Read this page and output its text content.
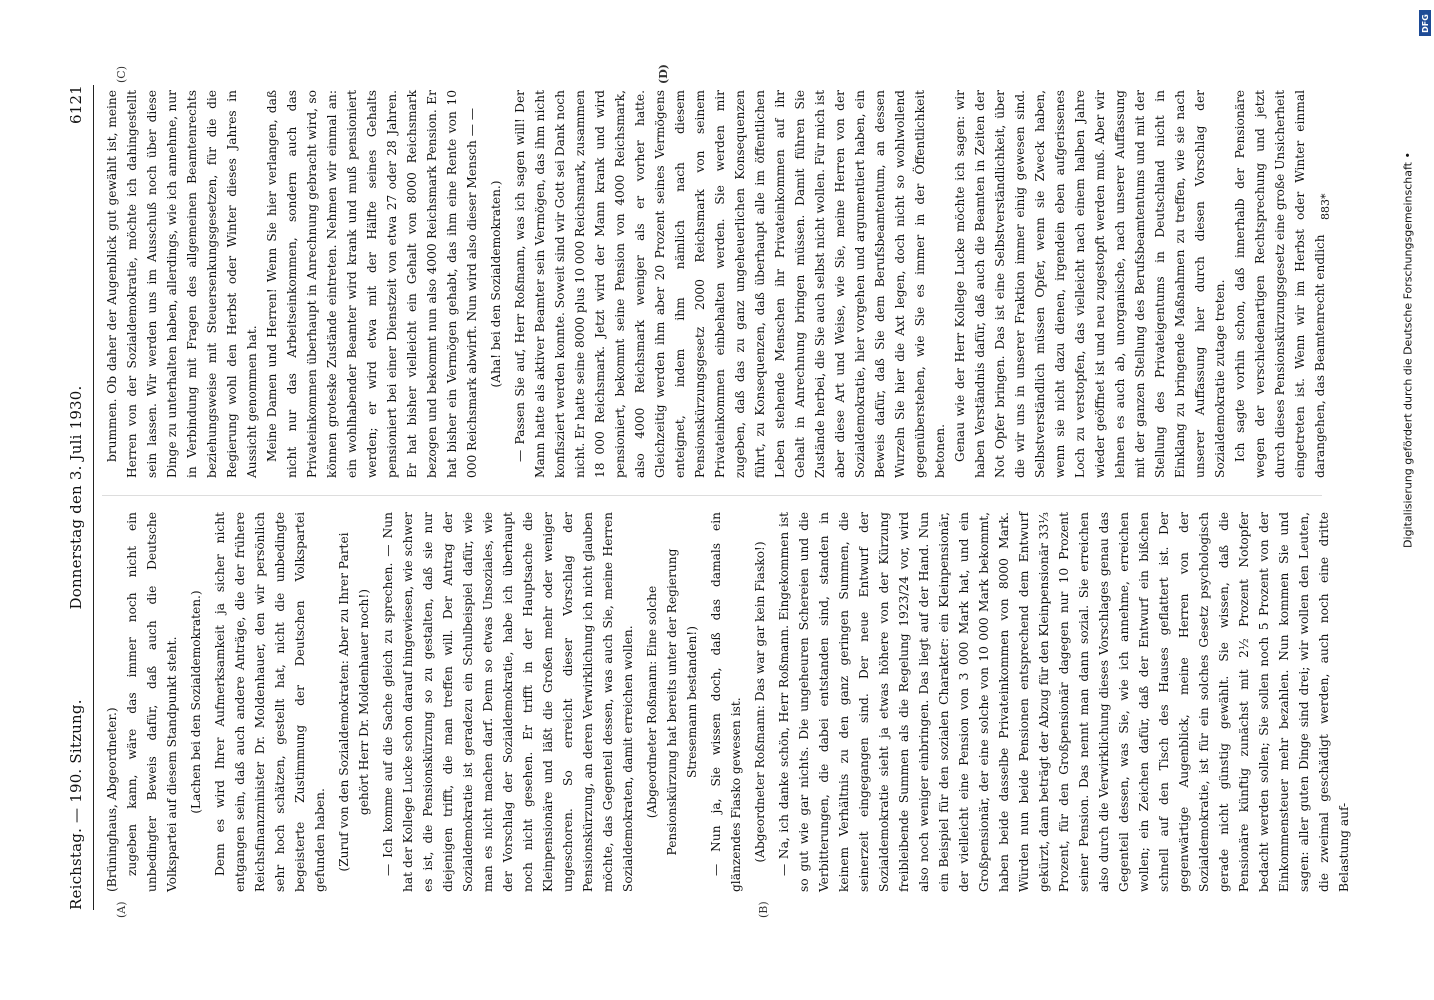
Reichstag. — 190. Sitzung.
Donnerstag den 3. Juli 1930.
6121
(A)	(B)
(C)	(D)

(Brüninghaus, Abgeordneter.) zugeben kann, wäre das immer noch nicht ein unbedingter Beweis dafür, daß auch die Deutsche Volkspartei auf diesem Standpunkt steht. (Lachen bei den Sozialdemokraten.) Denn es wird Ihrer Aufmerksamkeit ja sicher nicht entgangen sein, daß auch andere Anträge, die der frühere Reichsfinanzminister Dr. Moldenhauer, den wir persönlich sehr hoch schätzen, gestellt hat, nicht die unbedingte begeisterte Zustimmung der Deutschen Volkspartei gefunden haben. (Zuruf von den Sozialdemokraten: Aber zu Ihrer Partei gehört Herr Dr. Moldenhauer noch!) — Ich komme auf die Sache gleich zu sprechen. — Nun hat der Kollege Lucke schon darauf hingewiesen, wie schwer es ist, die Pensionskürzung so zu gestalten, daß sie nur diejenigen trifft, die man treffen will. Der Antrag der Sozialdemokratie ist geradezu ein Schulbeispiel dafür, wie man es nicht machen darf. Denn so etwas Unsoziales, wie der Vorschlag der Sozialdemokratie, habe ich überhaupt noch nicht gesehen. Er trifft in der Hauptsache die Kleinpensionäre und läßt die Großen mehr oder weniger ungeschoren. So erreicht dieser Vorschlag der Pensionskürzung, an deren Verwirklichung ich nicht glauben möchte, das Gegenteil dessen, was auch Sie, meine Herren Sozialdemokraten, damit erreichen wollen. (Abgeordneter Roßmann: Eine solche Pensionskürzung hat bereits unter der Regierung Stresemann bestanden!) — Nun ja, Sie wissen doch, daß das damals ein glänzendes Fiasko gewesen ist. (Abgeordneter Roßmann: Das war gar kein Fiasko!) — Na, ich danke schön, Herr Roßmann. Eingekommen ist so gut wie gar nichts. Die ungeheuren Schereien und die Verbitterungen, die dabei entstanden sind, standen in keinem Verhältnis zu den ganz geringen Summen, die seinerzeit eingegangen sind. Der neue Entwurf der Sozialdemokratie sieht ja etwas höhere von der Kürzung freibleibende Summen als die Regelung 1923/24 vor, wird also noch weniger einbringen. Das liegt auf der Hand. Nun ein Beispiel für den sozialen Charakter: ein Kleinpensionär, der vielleicht eine Pension von 3 000 Mark hat, und ein Großpensionär, der eine solche von 10 000 Mark bekommt, haben beide dasselbe Privateinkommen von 8000 Mark. Würden nun beide Pensionen entsprechend dem Entwurf gekürzt, dann beträgt der Abzug für den Kleinpensionär 33⅓ Prozent, für den Großpensionär dagegen nur 10 Prozent seiner Pension. Das nennt man dann sozial. Sie erreichen also durch die Verwirklichung dieses Vorschlages genau das Gegenteil dessen, was Sie, wie ich annehme, erreichen wollen; ein Zeichen dafür, daß der Entwurf ein bißchen schnell auf den Tisch des Hauses geflattert ist. Der gegenwärtige Augenblick, meine Herren von der Sozialdemokratie, ist für ein solches Gesetz psychologisch gerade nicht günstig gewählt. Sie wissen, daß die Pensionäre künftig zunächst mit 2½ Prozent Notopfer bedacht werden sollen; Sie sollen noch 5 Prozent von der Einkommensteuer mehr bezahlen. Nun kommen Sie und sagen: aller guten Dinge sind drei; wir wollen den Leuten, die zweimal geschädigt werden, auch noch eine dritte Belastung auf-

brummen. Ob daher der Augenblick gut gewählt ist, meine Herren von der Sozialdemokratie, möchte ich dahingestellt sein lassen. Wir werden uns im Ausschuß noch über diese Dinge zu unterhalten haben, allerdings, wie ich annehme, nur in Verbindung mit Fragen des allgemeinen Beamtenrechts beziehungsweise mit Steuersenkungsgesetzen, für die die Regierung wohl den Herbst oder Winter dieses Jahres in Aussicht genommen hat. Meine Damen und Herren! Wenn Sie hier verlangen, daß nicht nur das Arbeitseinkommen, sondern auch das Privateinkommen überhaupt in Anrechnung gebracht wird, so können groteske Zustände eintreten. Nehmen wir einmal an: ein wohlhabender Beamter wird krank und muß pensioniert werden; er wird etwa mit der Hälfte seines Gehalts pensioniert bei einer Dienstzeit von etwa 27 oder 28 Jahren. Er hat bisher vielleicht ein Gehalt von 8000 Reichsmark bezogen und bekommt nun also 4000 Reichsmark Pension. Er hat bisher ein Vermögen gehabt, das ihm eine Rente von 10 000 Reichsmark abwirft. Nun wird also dieser Mensch — — (Aha! bei den Sozialdemokraten.) — Passen Sie auf, Herr Roßmann, was ich sagen will! Der Mann hatte als aktiver Beamter sein Vermögen, das ihm nicht konfisziert werden konnte. Soweit sind wir Gott sei Dank noch nicht. Er hatte seine 8000 plus 10 000 Reichsmark, zusammen 18 000 Reichsmark. Jetzt wird der Mann krank und wird pensioniert, bekommt seine Pension von 4000 Reichsmark, also 4000 Reichsmark weniger als er vorher hatte. Gleichzeitig werden ihm aber 20 Prozent seines Vermögens enteignet, indem ihm nämlich nach diesem Pensionskürzungsgesetz 2000 Reichsmark von seinem Privateinkommen einbehalten werden. Sie werden mir zugeben, daß das zu ganz ungeheuerlichen Konsequenzen führt, zu Konsequenzen, daß überhaupt alle im öffentlichen Leben stehende Menschen ihr Privateinkommen auf ihr Gehalt in Anrechnung bringen müssen. Damit führen Sie Zustände herbei, die Sie auch selbst nicht wollen. Für mich ist aber diese Art und Weise, wie Sie, meine Herren von der Sozialdemokratie, hier vorgehen und argumentiert haben, ein Beweis dafür, daß Sie dem Berufsbeamtentum, an dessen Wurzeln Sie hier die Axt legen, doch nicht so wohlwollend gegenüberstehen, wie Sie es immer in der Öffentlichkeit betonen. Genau wie der Herr Kollege Lucke möchte ich sagen: wir haben Verständnis dafür, daß auch die Beamten in Zeiten der Not Opfer bringen. Das ist eine Selbstverständlichkeit, über die wir uns in unserer Fraktion immer einig gewesen sind. Selbstverständlich müssen Opfer, wenn sie Zweck haben, wenn sie nicht dazu dienen, irgendein eben aufgerissenes Loch zu verstopfen, das vielleicht nach einem halben Jahre wieder geöffnet ist und neu zugestopft werden muß. Aber wir lehnen es auch ab, unorganische, nach unserer Auffassung mit der ganzen Stellung des Berufsbeamtentums und mit der Stellung des Privateigentums in Deutschland nicht in Einklang zu bringende Maßnahmen zu treffen, wie sie nach unserer Auffassung hier durch diesen Vorschlag der Sozialdemokratie zutage treten. Ich sagte vorhin schon, daß innerhalb der Pensionäre wegen der verschiedenartigen Rechtsprechung und jetzt durch dieses Pensionskürzungsgesetz eine große Unsicherheit eingetreten ist. Wenn wir im Herbst oder Winter einmal darangehen, das Beamtenrecht endlich

883*	Digitalisierung gefördert durch die Deutsche Forschungsgemeinschaft •
DFG
